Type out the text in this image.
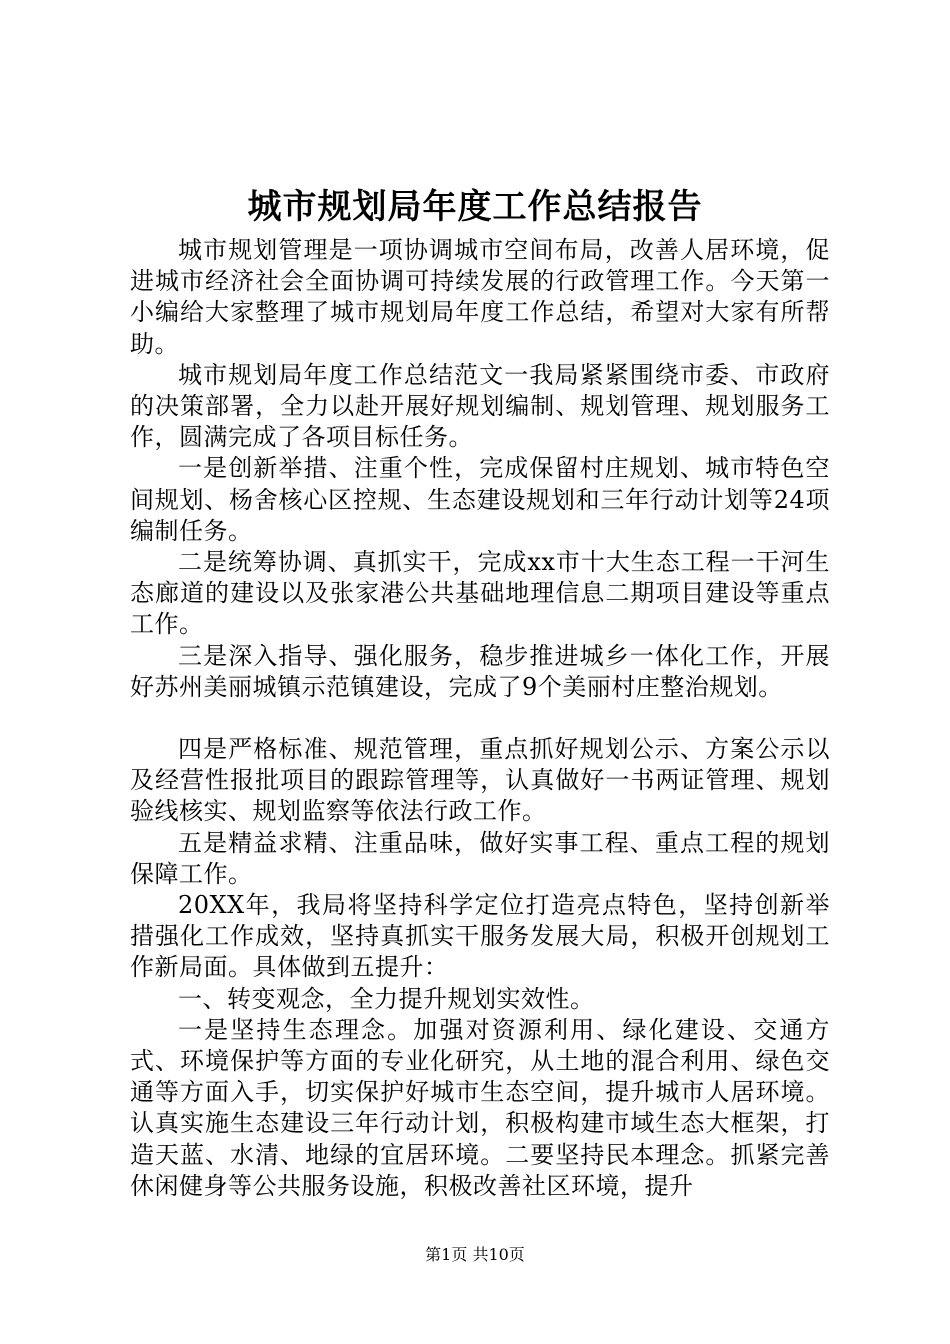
城市规划局年度工作总结报告

城市规划管理是一项协调城市空间布局，改善人居环境，促进城市经济社会全面协调可持续发展的行政管理工作。今天第一小编给大家整理了城市规划局年度工作总结，希望对大家有所帮助。

城市规划局年度工作总结范文一我局紧紧围绕市委、市政府的决策部署，全力以赴开展好规划编制、规划管理、规划服务工作，圆满完成了各项目标任务。

一是创新举措、注重个性，完成保留村庄规划、城市特色空间规划、杨舍核心区控规、生态建设规划和三年行动计划等24项编制任务。

二是统筹协调、真抓实干，完成xx市十大生态工程一干河生态廊道的建设以及张家港公共基础地理信息二期项目建设等重点工作。

三是深入指导、强化服务，稳步推进城乡一体化工作，开展好苏州美丽城镇示范镇建设，完成了9个美丽村庄整治规划。

四是严格标准、规范管理，重点抓好规划公示、方案公示以及经营性报批项目的跟踪管理等，认真做好一书两证管理、规划验线核实、规划监察等依法行政工作。

五是精益求精、注重品味，做好实事工程、重点工程的规划保障工作。

20XX年，我局将坚持科学定位打造亮点特色，坚持创新举措强化工作成效，坚持真抓实干服务发展大局，积极开创规划工作新局面。具体做到五提升：

一、转变观念，全力提升规划实效性。

一是坚持生态理念。加强对资源利用、绿化建设、交通方式、环境保护等方面的专业化研究，从土地的混合利用、绿色交通等方面入手，切实保护好城市生态空间，提升城市人居环境。认真实施生态建设三年行动计划，积极构建市域生态大框架，打造天蓝、水清、地绿的宜居环境。二要坚持民本理念。抓紧完善休闲健身等公共服务设施，积极改善社区环境，提升

第1页 共10页
